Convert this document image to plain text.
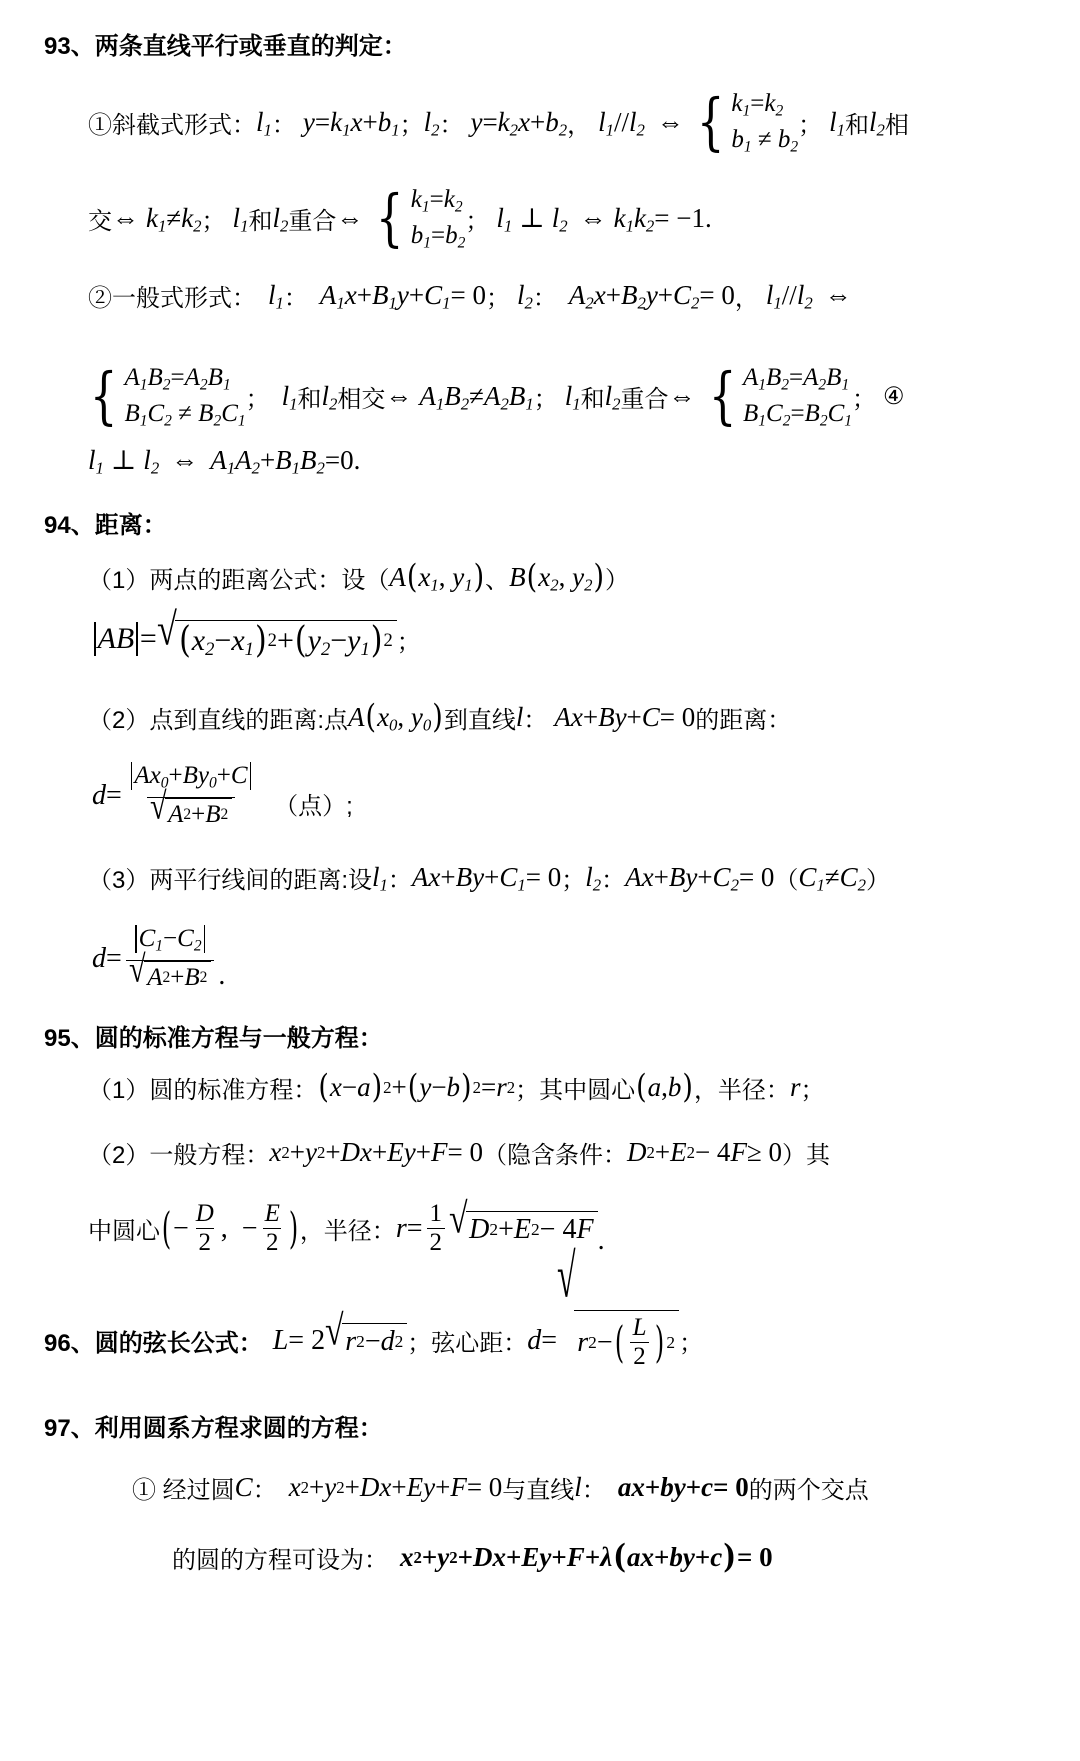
93、两条直线平行或垂直的判定：
①斜截式形式： $l_1$ ： $y = k_1$ $x + b_1$ ； $l_2$ ： $y = k_2$ $x + b_2$ ， $l_1 // l_2$ ⇔ { $k_1=k_2$
$b_1 \ne b_2$
； $l_1$ 和 $l_2$ 相
交 ⇔ $k_1 \ne k_2$ ； $l_1$ 和 $l_2$ 重合 ⇔ { $k_1=k_2$
$b_1=b_2$
； $l_1$ ⊥ $l_2$ ⇔ $k_1$ $k_2 = -1$ .
②一般式形式： $l_1$ ： $A_1$ $x + B_1$ $y + C_1 = 0$ ； $l_2$ ： $A_2$ $x + B_2$ $y + C_2 = 0$ ， $l_1 // l_2$ ⇔
{ $A_1B_2=A_2B_1$
$B_1C_2 \ne B_2C_1$
； $l_1$ 和 $l_2$ 相交 ⇔ $A_1$ $B_2 \ne A_2$ $B_1$ ； $l_1$ 和 $l_2$ 重合 ⇔ { $A_1B_2=A_2B_1$
$B_1C_2=B_2C_1$
； ④
$l_1$ ⊥ $l_2$ ⇔ $A_1$ $A_2 + B_1$ $B_2 =0$ .
94、距离：
（1）两点的距离公式：设（ A ( $x_1$ , $y_1$ ) 、 B ( $x_2$ , $y_2$ ) ）
AB = √ ( $x_2 - x_1$ ) 2 + ( $y_2 - y_1$ ) 2 ；
（2）点到直线的距离:点 A ( $x_0$ , $y_0$ ) 到直线 l ： A x + B y + C = 0 的距离：
$d = \frac{A x_0 + B y_0 + C}{√ A 2 + B 2}$ （点）;
（3）两平行线间的距离:设 $l_1$ ： A x + B $y + C_1 = 0$ ； $l_2$ ： A x + B $y + C_2 = 0$ （ $C_1 \ne C_2$ ）
$d = \frac{C_1 - C_2}{√ A 2 + B 2}$ .
95、圆的标准方程与一般方程：
（1）圆的标准方程： ( x − a ) 2 + ( y − b ) 2 = r 2 ；其中圆心 ( a , b ) ，半径： r ；
（2）一般方程： x 2 + y 2 + D x + E y + F = 0 （隐含条件： D 2 + E 2 − 4 F ≥ 0 ）其
中圆心 ( − $\frac{D}{2}$ , − $\frac{E}{2}$ ) ，半径： $r = \frac{1}{2}$ √ D 2 + E 2 − 4 F .
96、 圆的弦长公式： L = 2 √ r 2 − d 2 ；弦心距： d =
√
r 2 − ( $\frac{L}{2}$ ) 2 ；
97、利用圆系方程求圆的方程：
① 经过圆 C ： x 2 + y 2 + D x + E y + F = 0 与直线 l ： a x + b y + c = 0 的两个交点
的圆的方程可设为： x 2 + y 2 + D x + E y + F + λ ( a x + b y + c ) = 0
